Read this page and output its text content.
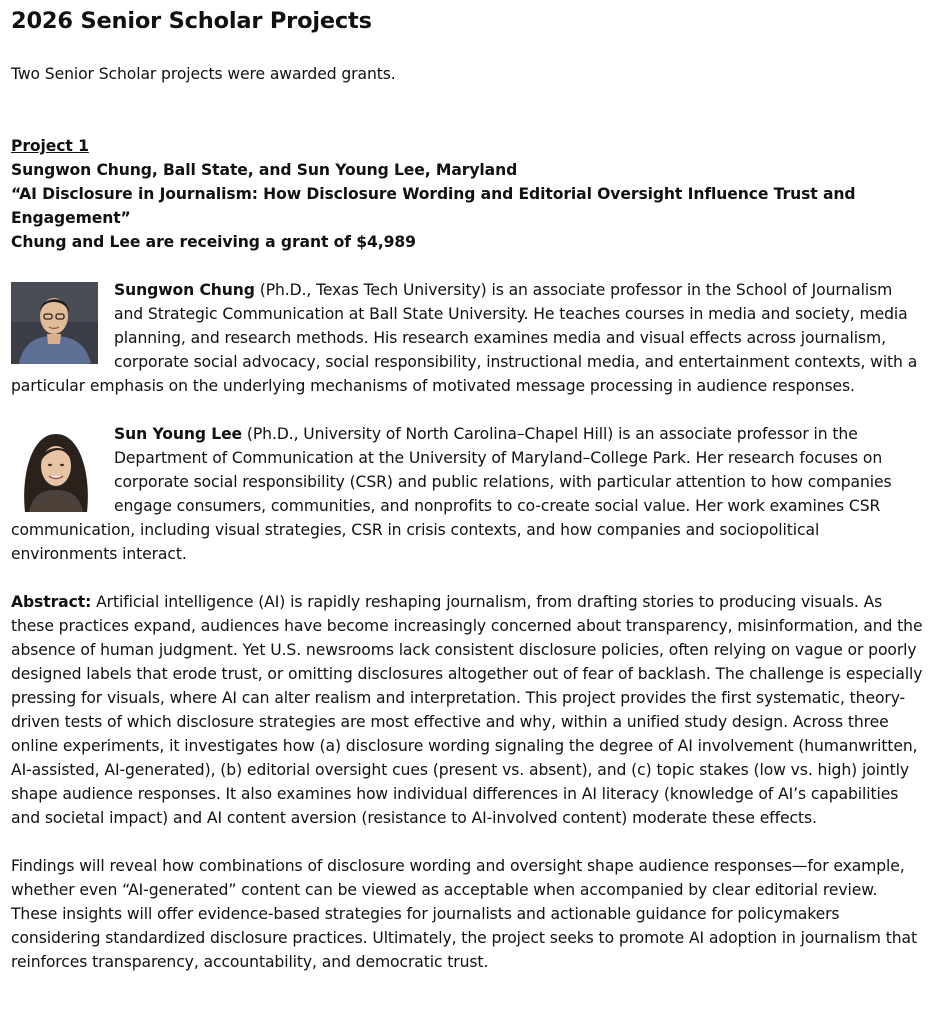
2026 Senior Scholar Projects

Two Senior Scholar projects were awarded grants.

Project 1
Sungwon Chung, Ball State, and Sun Young Lee, Maryland
“AI Disclosure in Journalism: How Disclosure Wording and Editorial Oversight Influence Trust and Engagement”
Chung and Lee are receiving a grant of $4,989
Sungwon Chung (Ph.D., Texas Tech University) is an associate professor in the School of Journalism and Strategic Communication at Ball State University. He teaches courses in media and society, media planning, and research methods. His research examines media and visual effects across journalism, corporate social advocacy, social responsibility, instructional media, and entertainment contexts, with a particular emphasis on the underlying mechanisms of motivated message processing in audience responses.
Sun Young Lee (Ph.D., University of North Carolina–Chapel Hill) is an associate professor in the Department of Communication at the University of Maryland–College Park. Her research focuses on corporate social responsibility (CSR) and public relations, with particular attention to how companies engage consumers, communities, and nonprofits to co-create social value. Her work examines CSR communication, including visual strategies, CSR in crisis contexts, and how companies and sociopolitical environments interact.
Abstract: Artificial intelligence (AI) is rapidly reshaping journalism, from drafting stories to producing visuals. As these practices expand, audiences have become increasingly concerned about transparency, misinformation, and the absence of human judgment. Yet U.S. newsrooms lack consistent disclosure policies, often relying on vague or poorly designed labels that erode trust, or omitting disclosures altogether out of fear of backlash. The challenge is especially pressing for visuals, where AI can alter realism and interpretation. This project provides the first systematic, theory-driven tests of which disclosure strategies are most effective and why, within a unified study design. Across three online experiments, it investigates how (a) disclosure wording signaling the degree of AI involvement (humanwritten, AI-assisted, AI-generated), (b) editorial oversight cues (present vs. absent), and (c) topic stakes (low vs. high) jointly shape audience responses. It also examines how individual differences in AI literacy (knowledge of AI’s capabilities and societal impact) and AI content aversion (resistance to AI-involved content) moderate these effects.

Findings will reveal how combinations of disclosure wording and oversight shape audience responses—for example, whether even “AI-generated” content can be viewed as acceptable when accompanied by clear editorial review. These insights will offer evidence-based strategies for journalists and actionable guidance for policymakers considering standardized disclosure practices. Ultimately, the project seeks to promote AI adoption in journalism that reinforces transparency, accountability, and democratic trust.
